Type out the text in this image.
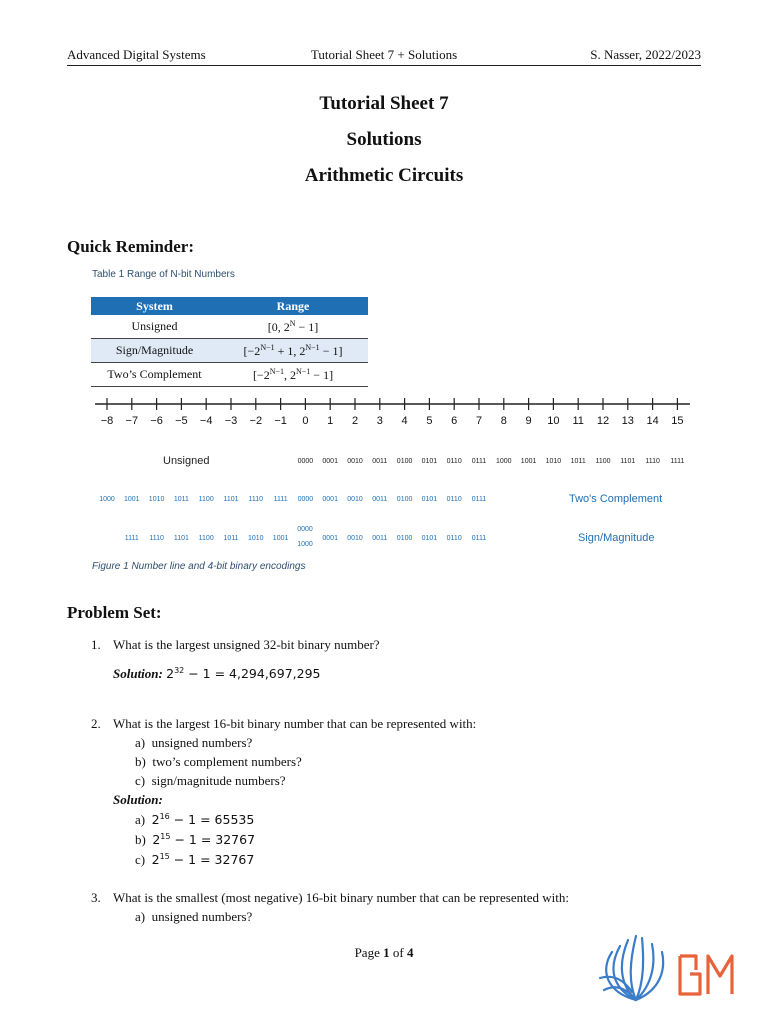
Advanced Digital Systems	Tutorial Sheet 7 + Solutions	S. Nasser, 2022/2023
Tutorial Sheet 7
Solutions
Arithmetic Circuits
Quick Reminder:
Table 1 Range of N-bit Numbers
System	Range
Unsigned	[0, $2^N - 1$]
Sign/Magnitude	[$-2^{N-1} + 1$, $2^{N-1} - 1$]
Two’s Complement	[$-2^{N-1}$, $2^{N-1} - 1$]
−8 −7 −6 −5 −4 −3 −2 −1 0 1 2 3 4 5 6 7 8 9 10 11 12 13 14 15
Unsigned	0000 0001 0010 0011 0100 0101 0110 0111 1000 1001 1010 1011 1100 1101 1110 1111
1000 1001 1010 1011 1100 1101 1110 1111 0000 0001 0010 0011 0100 0101 0110 0111	Two's Complement
1111 1110 1101 1100 1011 1010 1001	0001 0010 0011 0100 0101 0110 0111
0000
1000
Sign/Magnitude
Figure 1 Number line and 4-bit binary encodings
Problem Set:
1. What is the largest unsigned 32-bit binary number?
Solution: $2^{32} - 1 = 4,294,697,295$
2. What is the largest 16-bit binary number that can be represented with:
a)  unsigned numbers?
b)  two’s complement numbers?
c)  sign/magnitude numbers?
Solution:
a) $2^{16} - 1 = 65535$
b) $2^{15} - 1 = 32767$
c) $2^{15} - 1 = 32767$
3. What is the smallest (most negative) 16-bit binary number that can be represented with:
a)  unsigned numbers?
Page 1 of 4
